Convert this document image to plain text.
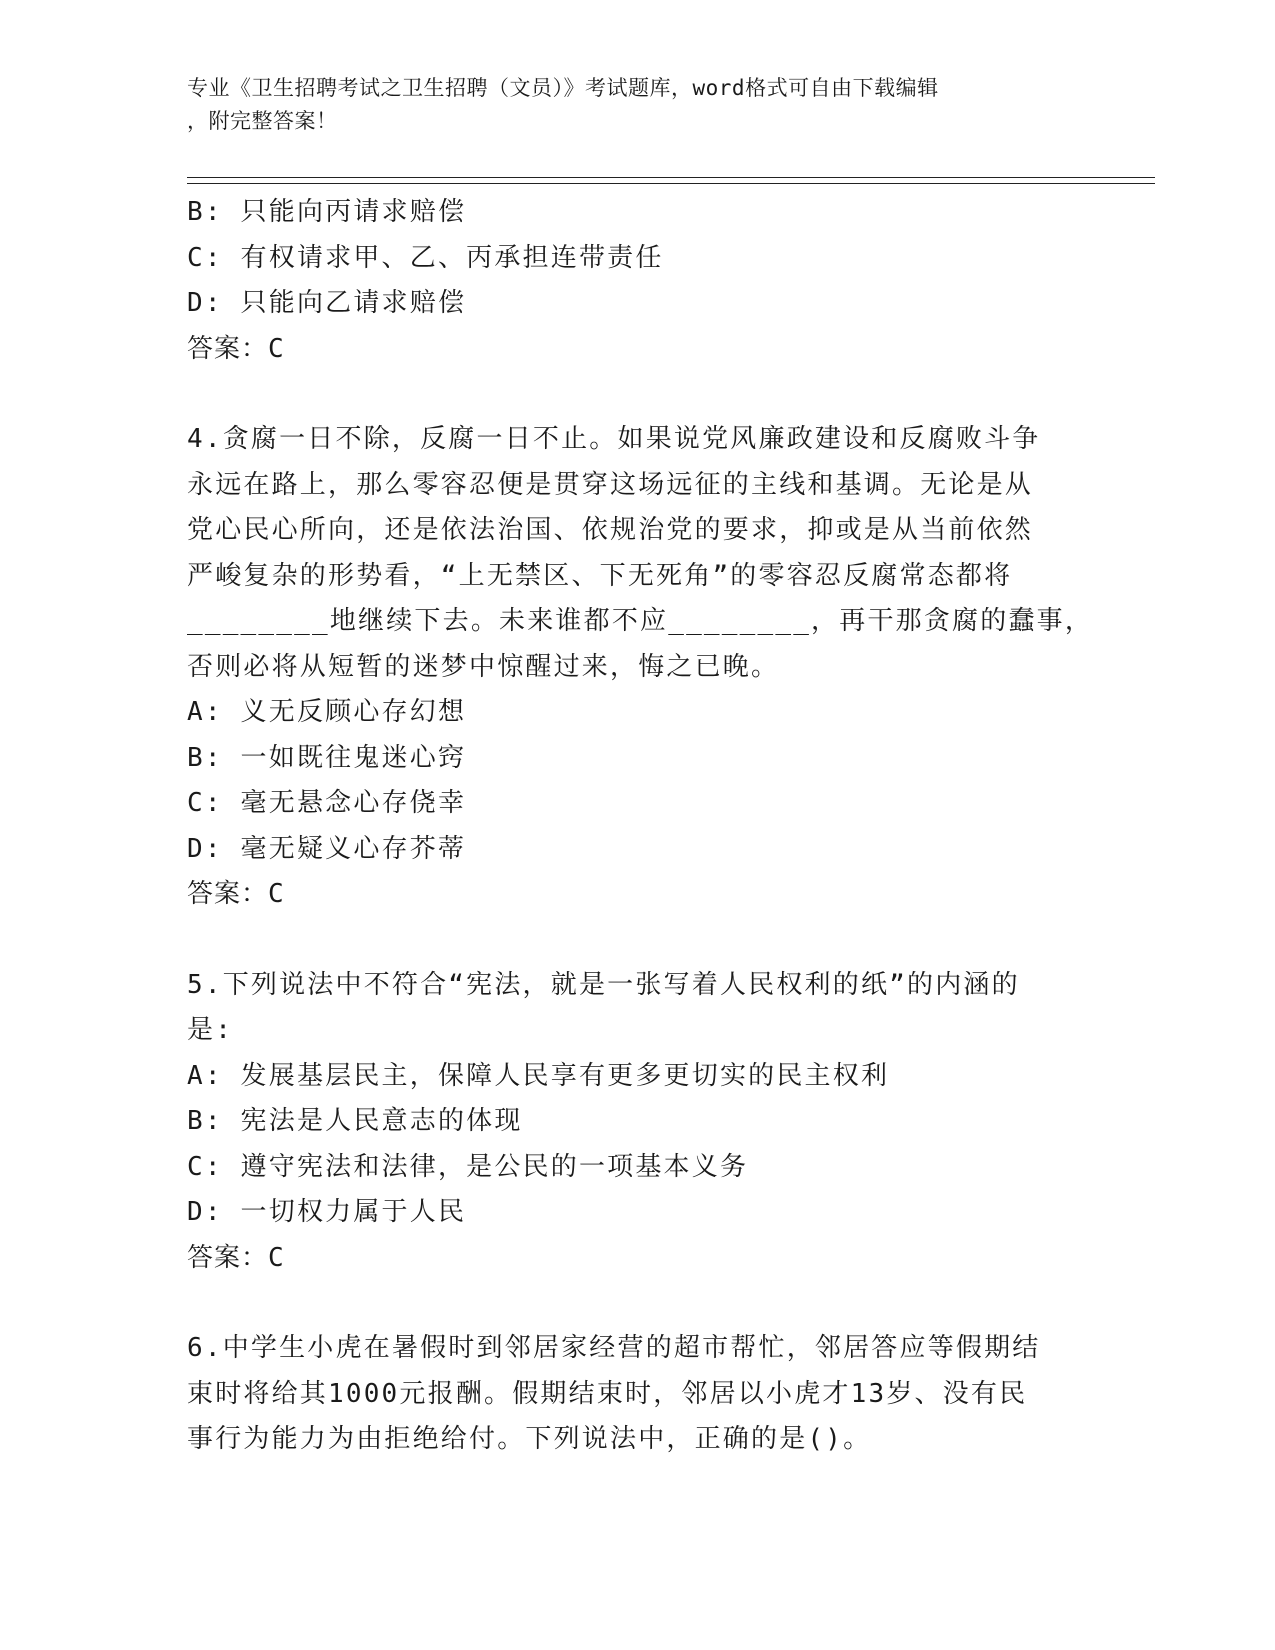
专业《卫生招聘考试之卫生招聘（文员）》考试题库，word格式可自由下载编辑
，附完整答案！
B: 只能向丙请求赔偿
C: 有权请求甲、乙、丙承担连带责任
D: 只能向乙请求赔偿
答案：C
4.贪腐一日不除，反腐一日不止。如果说党风廉政建设和反腐败斗争
永远在路上，那么零容忍便是贯穿这场远征的主线和基调。无论是从
党心民心所向，还是依法治国、依规治党的要求，抑或是从当前依然
严峻复杂的形势看，“上无禁区、下无死角”的零容忍反腐常态都将
________地继续下去。未来谁都不应________，再干那贪腐的蠢事，
否则必将从短暂的迷梦中惊醒过来，悔之已晚。
A: 义无反顾心存幻想
B: 一如既往鬼迷心窍
C: 毫无悬念心存侥幸
D: 毫无疑义心存芥蒂
答案：C
5.下列说法中不符合“宪法，就是一张写着人民权利的纸”的内涵的
是:
A: 发展基层民主，保障人民享有更多更切实的民主权利
B: 宪法是人民意志的体现
C: 遵守宪法和法律，是公民的一项基本义务
D: 一切权力属于人民
答案：C
6.中学生小虎在暑假时到邻居家经营的超市帮忙，邻居答应等假期结
束时将给其1000元报酬。假期结束时，邻居以小虎才13岁、没有民
事行为能力为由拒绝给付。下列说法中，正确的是()。
